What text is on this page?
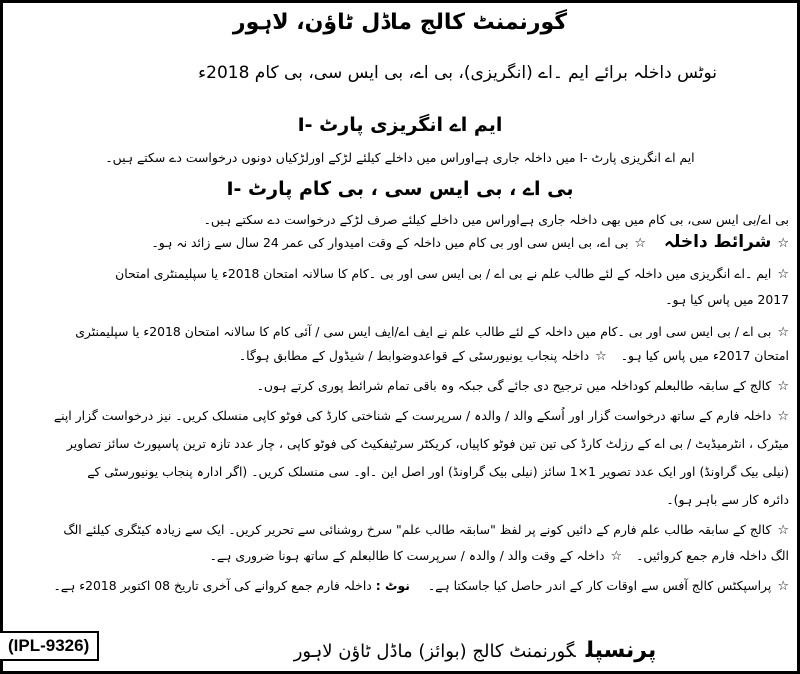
گورنمنٹ کالج ماڈل ٹاؤن، لاہور
نوٹس داخلہ برائے ایم ۔اے (انگریزی)، بی اے، بی ایس سی، بی کام 2018ء
ایم اے انگریزی پارٹ -I
ایم اے انگریزی پارٹ -I میں داخلہ جاری ہےاوراس میں داخلے کیلئے لڑکے اورلڑکیاں دونوں درخواست دے سکتے ہیں۔
بی اے ، بی ایس سی ، بی کام پارٹ -I
بی اے/بی ایس سی، بی کام میں بھی داخلہ جاری ہےاوراس میں داخلے کیلئے صرف لڑکے درخواست دے سکتے ہیں۔
☆شرائط داخلہ ☆بی اے، بی ایس سی اور بی کام میں داخلہ کے وقت امیدوار کی عمر 24 سال سے زائد نہ ہو۔
☆ایم ۔اے انگریزی میں داخلہ کے لئے طالب علم نے بی اے / بی ایس سی اور بی ۔کام کا سالانہ امتحان 2018ء یا سپلیمنٹری امتحان
2017 میں پاس کیا ہو۔
☆بی اے / بی ایس سی اور بی ۔کام میں داخلہ کے لئے طالب علم نے ایف اے/ایف ایس سی / آئی کام کا سالانہ امتحان 2018ء یا سپلیمنٹری
امتحان 2017ء میں پاس کیا ہو۔ ☆داخلہ پنجاب یونیورسٹی کے قواعدوضوابط / شیڈول کے مطابق ہوگا۔
☆کالج کے سابقہ طالبعلم کوداخلہ میں ترجیح دی جائے گی جبکہ وہ باقی تمام شرائط پوری کرتے ہوں۔
☆داخلہ فارم کے ساتھ درخواست گزار اور اُسکے والد / والدہ / سرپرست کے شناختی کارڈ کی فوٹو کاپی منسلک کریں۔ نیز درخواست گزار اپنے
میٹرک ، انٹرمیڈیٹ / بی اے کے رزلٹ کارڈ کی تین تین فوٹو کاپیاں، کریکٹر سرٹیفکیٹ کی فوٹو کاپی ، چار عدد تازہ ترین پاسپورٹ سائز تصاویر
(نیلی بیک گراونڈ) اور ایک عدد تصویر 1×1 سائز (نیلی بیک گراونڈ) اور اصل این ۔او۔ سی منسلک کریں۔ (اگر ادارہ پنجاب یونیورسٹی کے
دائرہ کار سے باہر ہو)۔
☆کالج کے سابقہ طالب علم فارم کے دائیں کونے پر لفظ "سابقہ طالب علم" سرخ روشنائی سے تحریر کریں۔ ایک سے زیادہ کیٹگری کیلئے الگ
الگ داخلہ فارم جمع کروائیں۔ ☆داخلہ کے وقت والد / والدہ / سرپرست کا طالبعلم کے ساتھ ہونا ضروری ہے۔
☆پراسپکٹس کالج آفس سے اوقات کار کے اندر حاصل کیا جاسکتا ہے۔ نوٹ : داخلہ فارم جمع کروانے کی آخری تاریخ 08 اکتوبر 2018ء ہے۔
پرنسپلگورنمنٹ کالج (بوائز) ماڈل ٹاؤن لاہور
(IPL-9326)
